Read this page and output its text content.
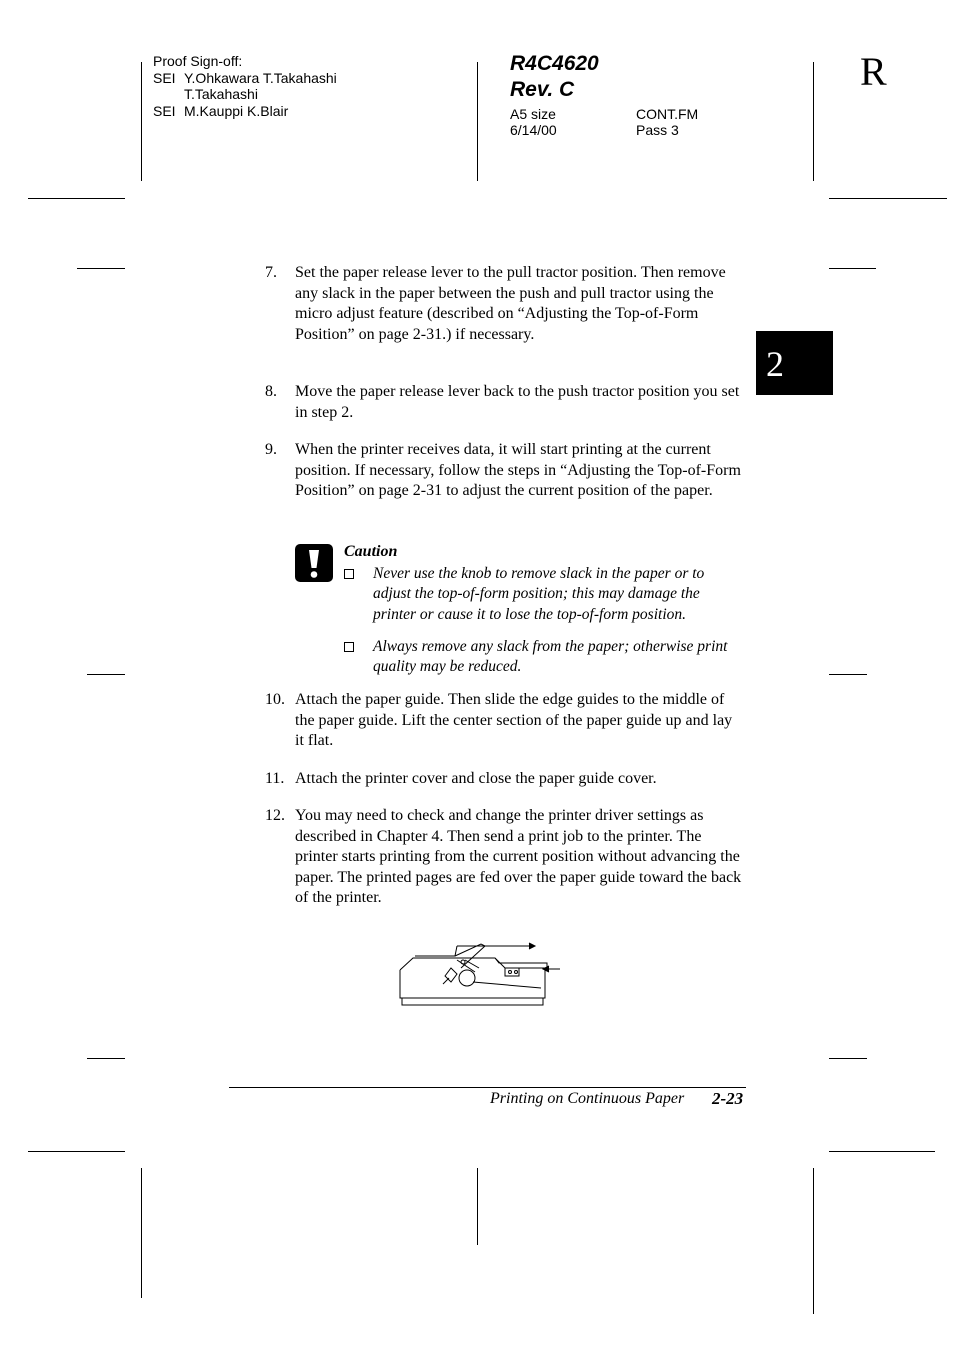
Proof Sign-off:
SEI Y.Ohkawara T.Takahashi
T.Takahashi
SEI M.Kauppi K.Blair
R4C4620
Rev. C
A5 size
6/14/00
CONT.FM
Pass 3
R
2
7. Set the paper release lever to the pull tractor position. Then remove any slack in the paper between the push and pull tractor using the micro adjust feature (described on “Adjusting the Top-of-Form Position” on page 2-31.) if necessary.
8. Move the paper release lever back to the push tractor position you set in step 2.
9. When the printer receives data, it will start printing at the current position. If necessary, follow the steps in “Adjusting the Top-of-Form Position” on page 2-31 to adjust the current position of the paper.
Caution
Never use the knob to remove slack in the paper or to adjust the top-of-form position; this may damage the printer or cause it to lose the top-of-form position.
Always remove any slack from the paper; otherwise print quality may be reduced.
10. Attach the paper guide. Then slide the edge guides to the middle of the paper guide. Lift the center section of the paper guide up and lay it flat.
11. Attach the printer cover and close the paper guide cover.
12. You may need to check and change the printer driver settings as described in Chapter 4. Then send a print job to the printer. The printer starts printing from the current position without advancing the paper. The printed pages are fed over the paper guide toward the back of the printer.
Printing on Continuous Paper 2-23
